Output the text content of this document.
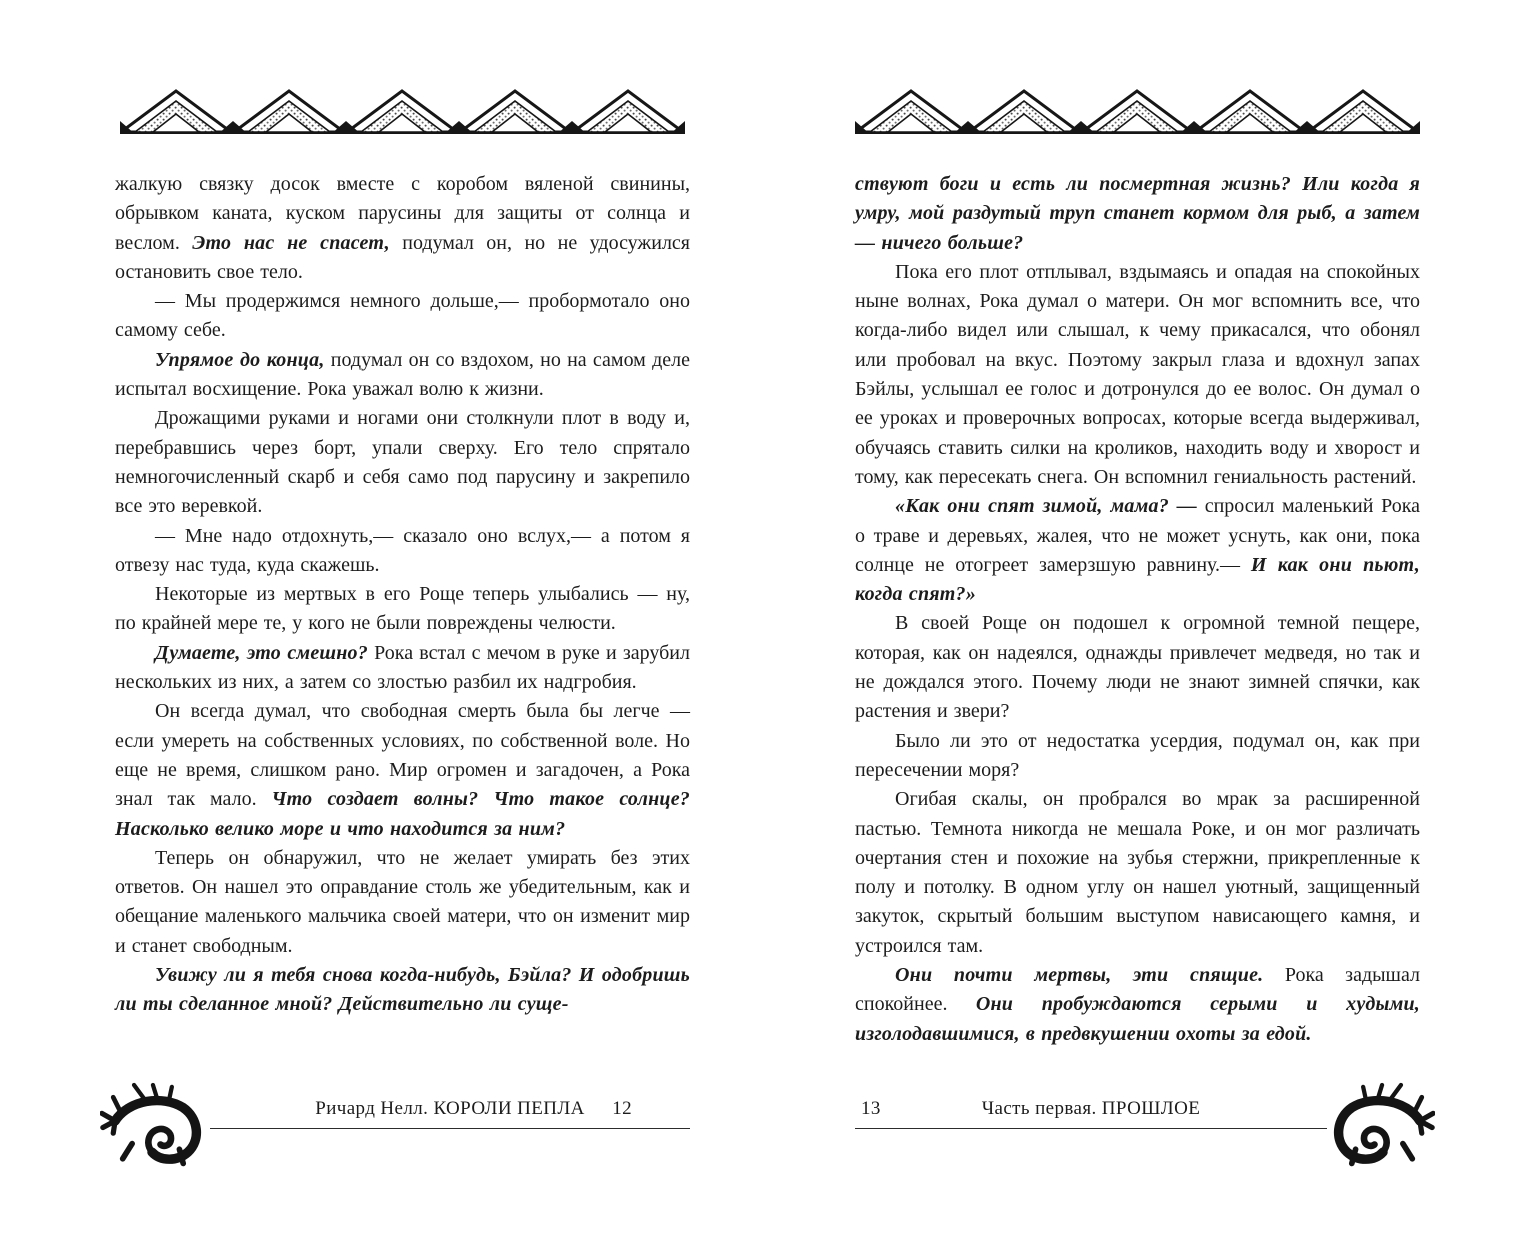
жалкую связку досок вместе с коробом вяленой свинины, обрывком каната, куском парусины для защиты от солнца и веслом. Это нас не спасет, подумал он, но не удосужился остановить свое тело.

— Мы продержимся немного дольше,— пробормотало оно самому себе.

Упрямое до конца, подумал он со вздохом, но на самом деле испытал восхищение. Рока уважал волю к жизни.

Дрожащими руками и ногами они столкнули плот в воду и, перебравшись через борт, упали сверху. Его тело спрятало немногочисленный скарб и себя само под парусину и закрепило все это веревкой.

— Мне надо отдохнуть,— сказало оно вслух,— а потом я отвезу нас туда, куда скажешь.

Некоторые из мертвых в его Роще теперь улыбались — ну, по крайней мере те, у кого не были повреждены челюсти.

Думаете, это смешно? Рока встал с мечом в руке и зарубил нескольких из них, а затем со злостью разбил их надгробия.

Он всегда думал, что свободная смерть была бы легче — если умереть на собственных условиях, по собственной воле. Но еще не время, слишком рано. Мир огромен и загадочен, а Рока знал так мало. Что создает волны? Что такое солнце? Насколько велико море и что находится за ним?

Теперь он обнаружил, что не желает умирать без этих ответов. Он нашел это оправдание столь же убедительным, как и обещание маленького мальчика своей матери, что он изменит мир и станет свободным.

Увижу ли я тебя снова когда-нибудь, Бэйла? И одобришь ли ты сделанное мной? Действительно ли суще-

Ричард Нелл. КОРОЛИ ПЕПЛА 12

ствуют боги и есть ли посмертная жизнь? Или когда я умру, мой раздутый труп станет кормом для рыб, а затем — ничего больше?

Пока его плот отплывал, вздымаясь и опадая на спокойных ныне волнах, Рока думал о матери. Он мог вспомнить все, что когда-либо видел или слышал, к чему прикасался, что обонял или пробовал на вкус. Поэтому закрыл глаза и вдохнул запах Бэйлы, услышал ее голос и дотронулся до ее волос. Он думал о ее уроках и проверочных вопросах, которые всегда выдерживал, обучаясь ставить силки на кроликов, находить воду и хворост и тому, как пересекать снега. Он вспомнил гениальность растений.

«Как они спят зимой, мама? — спросил маленький Рока о траве и деревьях, жалея, что не может уснуть, как они, пока солнце не отогреет замерзшую равнину.— И как они пьют, когда спят?»

В своей Роще он подошел к огромной темной пещере, которая, как он надеялся, однажды привлечет медведя, но так и не дождался этого. Почему люди не знают зимней спячки, как растения и звери?

Было ли это от недостатка усердия, подумал он, как при пересечении моря?

Огибая скалы, он пробрался во мрак за расширенной пастью. Темнота никогда не мешала Роке, и он мог различать очертания стен и похожие на зубья стержни, прикрепленные к полу и потолку. В одном углу он нашел уютный, защищенный закуток, скрытый большим выступом нависающего камня, и устроился там.

Они почти мертвы, эти спящие. Рока задышал спокойнее. Они пробуждаются серыми и худыми, изголодавшимися, в предвкушении охоты за едой.

Часть первая. ПРОШЛОЕ
13
